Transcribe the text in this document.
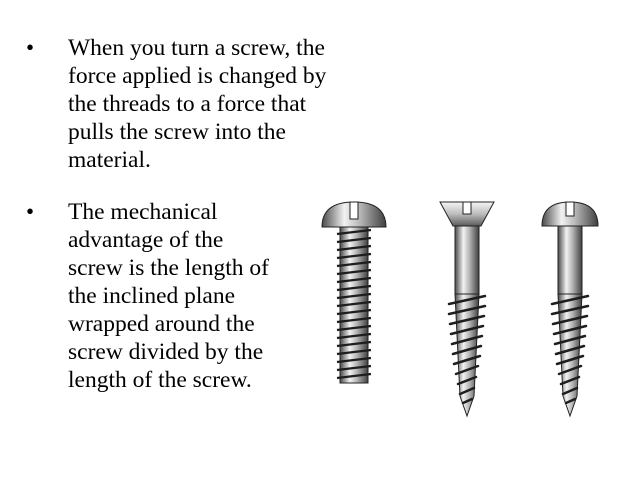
• When you turn a screw, the
force applied is changed by
the threads to a force that
pulls the screw into the
material.
• The mechanical
advantage of the
screw is the length of
the inclined plane
wrapped around the
screw divided by the
length of the screw.
